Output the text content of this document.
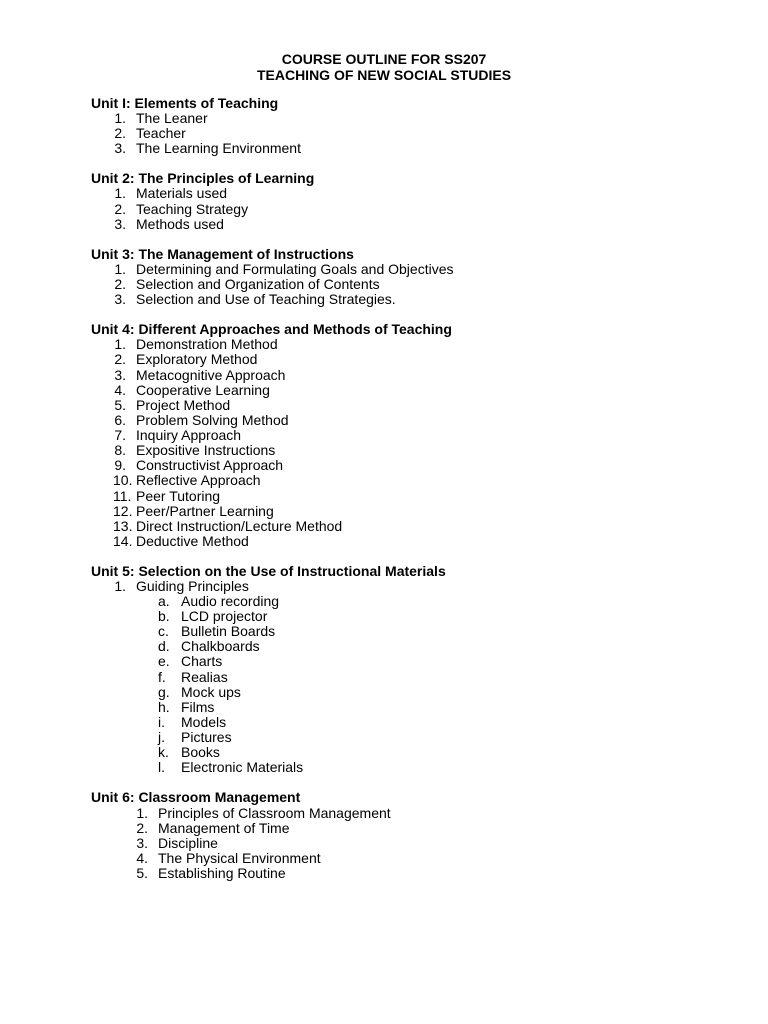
COURSE OUTLINE FOR SS207
TEACHING OF NEW SOCIAL STUDIES
Unit I: Elements of Teaching
1. The Leaner
2. Teacher
3. The Learning Environment
Unit 2: The Principles of Learning
1. Materials used
2. Teaching Strategy
3. Methods used
Unit 3: The Management of Instructions
1. Determining and Formulating Goals and Objectives
2. Selection and Organization of Contents
3. Selection and Use of Teaching Strategies.
Unit 4: Different Approaches and Methods of Teaching
1. Demonstration Method
2. Exploratory Method
3. Metacognitive Approach
4. Cooperative Learning
5. Project Method
6. Problem Solving Method
7. Inquiry Approach
8. Expositive Instructions
9. Constructivist Approach
10. Reflective Approach
11. Peer Tutoring
12. Peer/Partner Learning
13. Direct Instruction/Lecture Method
14. Deductive Method
Unit 5: Selection on the Use of Instructional Materials
1. Guiding Principles
a. Audio recording
b. LCD projector
c. Bulletin Boards
d. Chalkboards
e. Charts
f. Realias
g. Mock ups
h. Films
i. Models
j. Pictures
k. Books
l. Electronic Materials
Unit 6: Classroom Management
1. Principles of Classroom Management
2. Management of Time
3. Discipline
4. The Physical Environment
5. Establishing Routine
